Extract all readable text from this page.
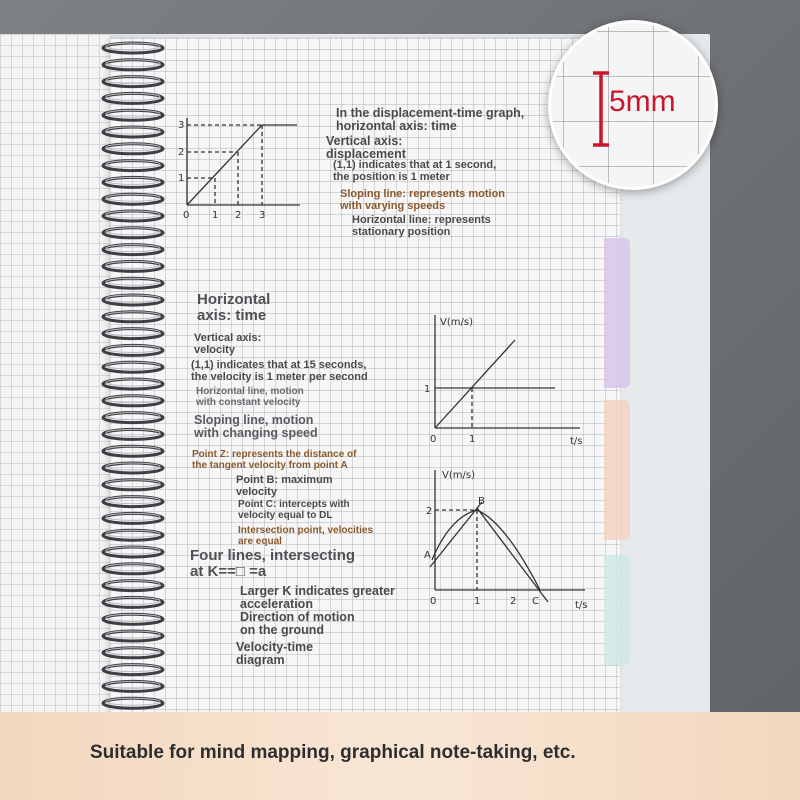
1
2
3
0 1 2 3
In the displacement-time graph,
horizontal axis: time
Vertical axis:
displacement
(1,1) indicates that at 1 second,
the position is 1 meter
Sloping line: represents motion
with varying speeds
Horizontal line: represents
stationary position
V(m/s)
t/s
1
1
0
V(m/s)
t/s
2
1	2
0
A
B
C
Horizontal
axis: time
Vertical axis:
velocity
(1,1) indicates that at 15 seconds,
the velocity is 1 meter per second
Horizontal line, motion
with constant velocity
Sloping line, motion
with changing speed
Point Z: represents the distance of
the tangent velocity from point A
Point B: maximum
velocity
Point C: intercepts with
velocity equal to DL
Intersection point, velocities
are equal
Four lines, intersecting
at K==□ =a
Larger K indicates greater
acceleration
Direction of motion
on the ground
Velocity-time
diagram
5mm
Suitable for mind mapping, graphical note-taking, etc.
